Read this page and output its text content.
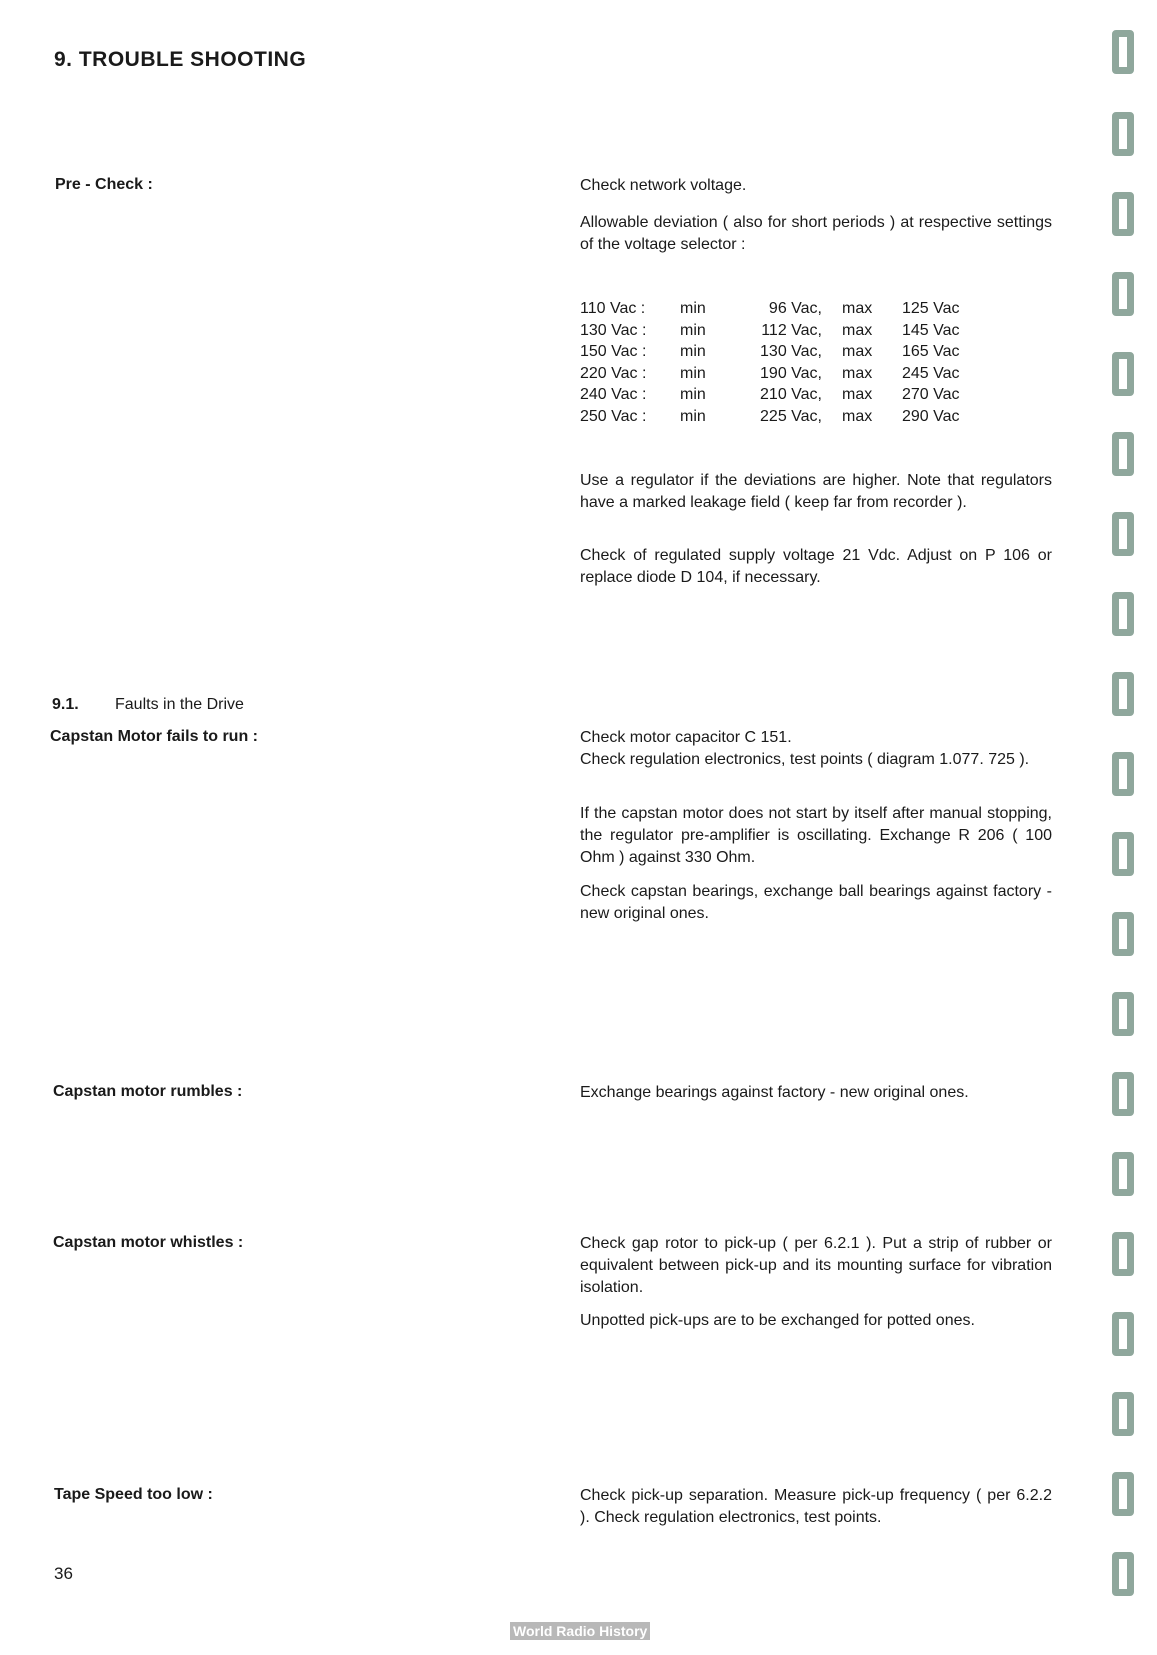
9. TROUBLE SHOOTING
Pre - Check :	Check network voltage.
Allowable deviation ( also for short periods ) at respective settings of the voltage selector :
110 Vac :	min	96 Vac,	max	125 Vac
130 Vac :	min	112 Vac,	max	145 Vac
150 Vac :	min	130 Vac,	max	165 Vac
220 Vac :	min	190 Vac,	max	245 Vac
240 Vac :	min	210 Vac,	max	270 Vac
250 Vac :	min	225 Vac,	max	290 Vac
Use a regulator if the deviations are higher. Note that regulators have a marked leakage field ( keep far from recorder ).
Check of regulated supply voltage 21 Vdc. Adjust on P 106 or replace diode D 104, if necessary.
9.1. Faults in the Drive
Capstan Motor fails to run :	Check motor capacitor C 151.
Check regulation electronics, test points ( diagram 1.077. 725 ).
If the capstan motor does not start by itself after manual stopping, the regulator pre-amplifier is oscillating. Exchange R 206 ( 100 Ohm ) against 330 Ohm.
Check capstan bearings, exchange ball bearings against factory - new original ones.
Capstan motor rumbles :	Exchange bearings against factory - new original ones.
Capstan motor whistles :	Check gap rotor to pick-up ( per 6.2.1 ). Put a strip of rubber or equivalent between pick-up and its mounting surface for vibration isolation.
Unpotted pick-ups are to be exchanged for potted ones.
Tape Speed too low :	Check pick-up separation. Measure pick-up frequency ( per 6.2.2 ). Check regulation electronics, test points.
36
World Radio History
